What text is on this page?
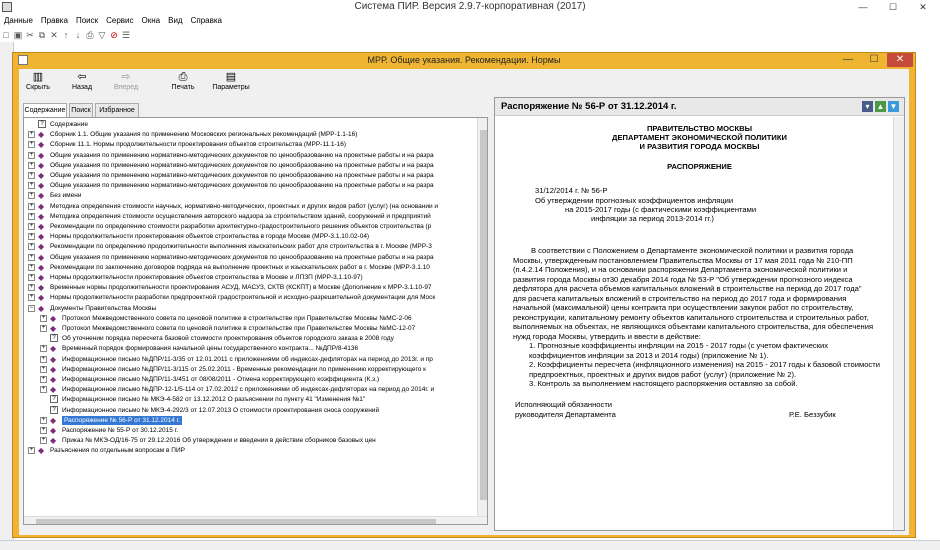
Система ПИР. Версия 2.9.7-корпоративная (2017)	—	☐	✕
Данные Правка Поиск Сервис Окна Вид Справка
□ ▣ ✂ ⧉ ✕ ↑ ↓ ⎙ ▽ ⊘ ☰
МРР. Общие указания. Рекомендации. Нормы	—	☐	✕
▥
Скрыть
⇦
Назад
⇨
Вперед
⎙
Печать
▤
Параметры
Содержание Поиск	Избранное
? Содержание
+ ◆ Сборник 1.1. Общие указания по применению Московских региональных рекомендаций (МРР-1.1-16)
+ ◆ Сборник 11.1. Нормы продолжительности проектирования объектов строительства (МРР-11.1-16)
+ ◆ Общие указания по применению нормативно-методических документов по ценообразованию на проектные работы и на разра
+ ◆ Общие указания по применению нормативно-методических документов по ценообразованию на проектные работы и на разра
+ ◆ Общие указания по применению нормативно-методических документов по ценообразованию на проектные работы и на разра
+ ◆ Общие указания по применению нормативно-методических документов по ценообразованию на проектные работы и на разра
+ ◆ Без имени
+ ◆ Методика определения стоимости научных, нормативно-методических, проектных и других видов работ (услуг) (на основании и
+ ◆ Методика определения стоимости осуществления авторского надзора за строительством зданий, сооружений и предприятий
+ ◆ Рекомендации по определению стоимости разработки архитектурно-градостроительного решения объектов строительства (р
+ ◆ Нормы продолжительности проектирования объектов строительства в городе Москве (МРР-3.1.10.02-04)
+ ◆ Рекомендации по определению продолжительности выполнения изыскательских работ для строительства в г. Москве (МРР-3
+ ◆ Общие указания по применению нормативно-методических документов по ценообразованию на проектные работы и на разра
+ ◆ Рекомендации по заключению договоров подряда на выполнение проектных и изыскательских работ в г. Москве (МРР-3.1.10
+ ◆ Нормы продолжительности проектирования объектов строительства в Москве и ЛПЗП (МРР-3.1.10-97)
+ ◆ Временные нормы продолжительности проектирования АСУД, МАСУЗ, СКТВ (КСКПТ) в Москве (Дополнение к МРР-3.1.10-97
+ ◆ Нормы продолжительности разработки предпроектной градостроительной и исходно-разрешительной документации для Моск
− ◆ Документы Правительства Москвы
+ ◆ Протокол Межведомственного совета по ценовой политике в строительстве при Правительстве Москвы №МС-2-06
+ ◆ Протокол Межведомственного совета по ценовой политике в строительстве при Правительстве Москвы №МС-12-07
? Об уточнении порядка пересчета базовой стоимости проектирования объектов городского заказа в 2008 году
+ ◆ Временный порядок формирования начальной цены государственного контракта... №ДПР/8-4136
+ ◆ Информационное письмо №ДПР/11-3/35 от 12.01.2011 с приложениями об индексах-дефляторах на период до 2013г. и пр
+ ◆ Информационное письмо №ДПР/11-3/115 от 25.02.2011 - Временные рекомендации по применению корректирующего к
+ ◆ Информационное письмо №ДПР/11-3/451 от 08/08/2011 - Отмена корректирующего коэффициента (К.з.)
+ ◆ Информационное письмо №ДПР-12-1/5-114 от 17.02.2012 с приложениями об индексах-дефляторах на период до 2014г. и
? Информационное письмо № МКЭ-4-582 от 13.12.2012 О разъяснении по пункту 41 "Изменения №1"
? Информационное письмо № МКЭ-4-292/3 от 12.07.2013 О стоимости проектирования сноса сооружений
+ ◆	Распоряжение № 56-Р от 31.12.2014 г.
+ ◆ Распоряжение № 55-Р от 30.12.2015 г.
+ ◆ Приказ № МКЭ-ОД/16-75 от 29.12.2016 Об утверждении и введении в действие сборников базовых цен
+ ◆ Разъяснения по отдельным вопросам в ПИР
Распоряжение № 56-Р от 31.12.2014 г.	▾ ▲ ▼
ПРАВИТЕЛЬСТВО МОСКВЫ
ДЕПАРТАМЕНТ ЭКОНОМИЧЕСКОЙ ПОЛИТИКИ
И РАЗВИТИЯ ГОРОДА МОСКВЫ
РАСПОРЯЖЕНИЕ
31/12/2014 г. № 56-Р
Об утверждении прогнозных коэффициентов инфляции
на 2015-2017 годы (с фактическими коэффициентами
инфляции за период 2013-2014 гг.)
В соответствии с Положением о Департаменте экономической политики и развития города
Москвы, утвержденным постановлением Правительства Москвы от 17 мая 2011 года № 210-ПП
(п.4.2.14 Положения), и на основании распоряжения Департамента экономической политики и
развития города Москвы от30 декабря 2014 года № 53-Р "Об утверждении прогнозного индекса
дефлятора для расчета объемов капитальных вложений в строительстве на период до 2017 года"
для расчета капитальных вложений в строительство на период до 2017 года и формирования
начальной (максимальной) цены контракта при осуществлении закупок работ по строительству,
реконструкции, капитальному ремонту объектов капитального строительства и строительных работ,
выполняемых на объектах, не являющихся объектами капитального строительства, для обеспечения
нужд города Москвы, утвердить и ввести в действие:
1. Прогнозные коэффициенты инфляции на 2015 - 2017 годы (с учетом фактических
коэффициентов инфляции за 2013 и 2014 годы) (приложение № 1).
2. Коэффициенты пересчета (инфляционного изменения) на 2015 - 2017 годы к базовой стоимости
предпроектных, проектных и других видов работ (услуг) (приложение № 2).
3. Контроль за выполнением настоящего распоряжения оставляю за собой.
Исполняющий обязанности
руководителя Департамента	Р.Е. Беззубик
